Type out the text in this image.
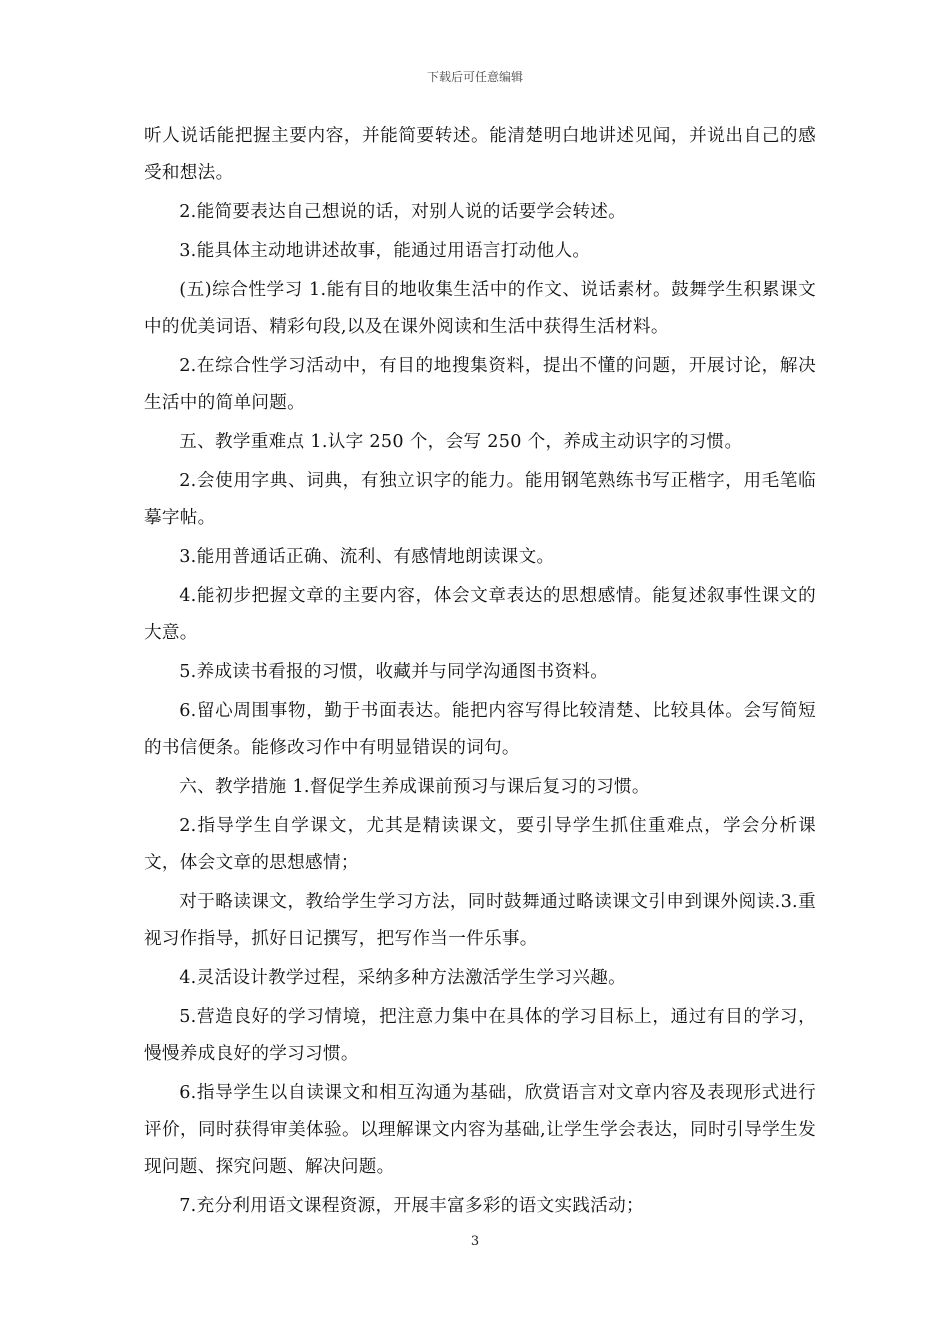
下载后可任意编辑

听人说话能把握主要内容，并能简要转述。能清楚明白地讲述见闻，并说出自己的感受和想法。

2.能简要表达自己想说的话，对别人说的话要学会转述。

3.能具体主动地讲述故事，能通过用语言打动他人。

(五)综合性学习 1.能有目的地收集生活中的作文、说话素材。鼓舞学生积累课文中的优美词语、精彩句段,以及在课外阅读和生活中获得生活材料。

2.在综合性学习活动中，有目的地搜集资料，提出不懂的问题，开展讨论，解决生活中的简单问题。

五、教学重难点 1.认字 250 个，会写 250 个，养成主动识字的习惯。

2.会使用字典、词典，有独立识字的能力。能用钢笔熟练书写正楷字，用毛笔临摹字帖。

3.能用普通话正确、流利、有感情地朗读课文。

4.能初步把握文章的主要内容，体会文章表达的思想感情。能复述叙事性课文的大意。

5.养成读书看报的习惯，收藏并与同学沟通图书资料。

6.留心周围事物，勤于书面表达。能把内容写得比较清楚、比较具体。会写简短的书信便条。能修改习作中有明显错误的词句。

六、教学措施 1.督促学生养成课前预习与课后复习的习惯。

2.指导学生自学课文，尤其是精读课文，要引导学生抓住重难点，学会分析课文，体会文章的思想感情；

对于略读课文，教给学生学习方法，同时鼓舞通过略读课文引申到课外阅读.3.重视习作指导，抓好日记撰写，把写作当一件乐事。

4.灵活设计教学过程，采纳多种方法激活学生学习兴趣。

5.营造良好的学习情境，把注意力集中在具体的学习目标上，通过有目的学习，慢慢养成良好的学习习惯。

6.指导学生以自读课文和相互沟通为基础，欣赏语言对文章内容及表现形式进行评价，同时获得审美体验。以理解课文内容为基础,让学生学会表达，同时引导学生发现问题、探究问题、解决问题。

7.充分利用语文课程资源，开展丰富多彩的语文实践活动；

3
